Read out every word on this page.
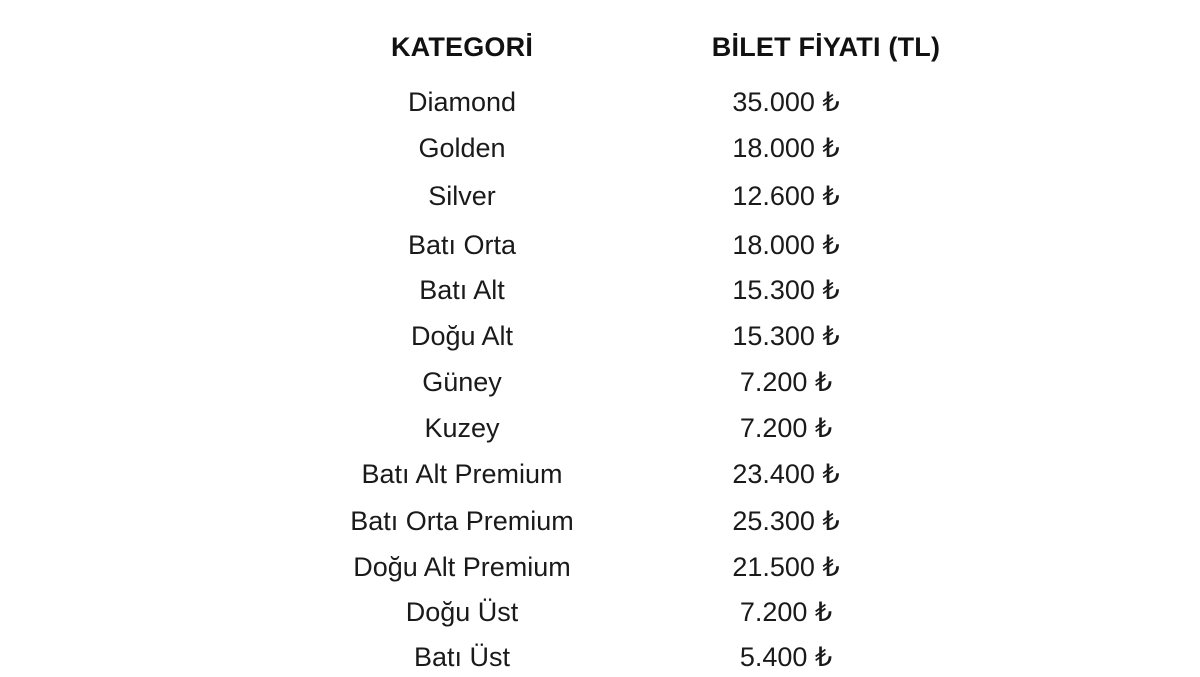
KATEGORİ	BİLET FİYATI (TL)
Diamond	35.000 ₺
Golden	18.000 ₺
Silver	12.600 ₺
Batı Orta	18.000 ₺
Batı Alt	15.300 ₺
Doğu Alt	15.300 ₺
Güney	7.200 ₺
Kuzey	7.200 ₺
Batı Alt Premium	23.400 ₺
Batı Orta Premium	25.300 ₺
Doğu Alt Premium	21.500 ₺
Doğu Üst	7.200 ₺
Batı Üst	5.400 ₺
